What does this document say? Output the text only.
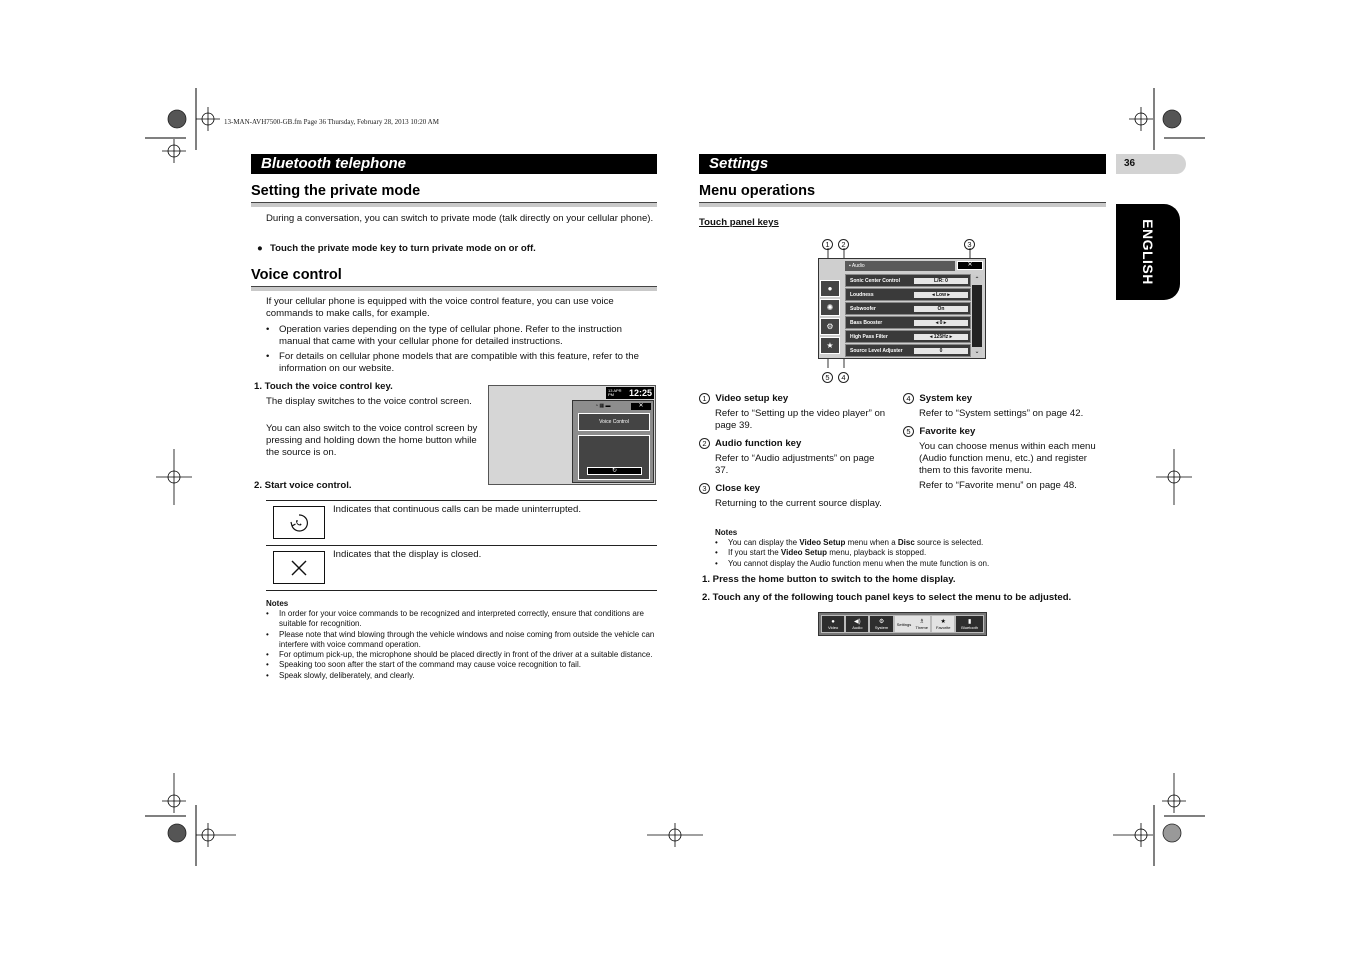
13-MAN-AVH7500-GB.fm Page 36 Thursday, February 28, 2013 10:20 AM
Bluetooth telephone
Setting the private mode
During a conversation, you can switch to private mode (talk directly on your cellular phone).
● Touch the private mode key to turn private mode on or off.
Voice control
If your cellular phone is equipped with the voice control feature, you can use voice commands to make calls, for example.
•	Operation varies depending on the type of cellular phone. Refer to the instruction manual that came with your cellular phone for detailed instructions.
•	For details on cellular phone models that are compatible with this feature, refer to the information on our website.
1. Touch the voice control key.
The display switches to the voice control screen.
You can also switch to the voice control screen by pressing and holding down the home button while the source is on.
13 APR
PM	12:25
✕
◔ ▦ ▬
Voice Control
↻
2. Start voice control.
Indicates that continuous calls can be made uninterrupted.
Indicates that the display is closed.
Notes
•	In order for your voice commands to be recognized and interpreted correctly, ensure that conditions are suitable for recognition.
•	Please note that wind blowing through the vehicle windows and noise coming from outside the vehicle can interfere with voice command operation.
•	For optimum pick-up, the microphone should be placed directly in front of the driver at a suitable distance.
•	Speaking too soon after the start of the command may cause voice recognition to fail.
•	Speak slowly, deliberately, and clearly.
Settings	36
ENGLISH
Menu operations
Touch panel keys
1	2	3
5	4
▪ Audio	✕
●
✺
⚙
★
Sonic Center Control	L/R: 0
Loudness	◂ Low ▸
Subwoofer	On
Bass Booster	◂ 0 ▸
High Pass Filter	◂ 125Hz ▸
Source Level Adjuster	0
⌃
⌄
1 Video setup key
Refer to “Setting up the video player” on page 39.
2 Audio function key
Refer to “Audio adjustments” on page 37.
3 Close key
Returning to the current source display.
4 System key
Refer to “System settings” on page 42.
5 Favorite key
You can choose menus within each menu (Audio function menu, etc.) and register them to this favorite menu.
Refer to “Favorite menu” on page 48.
Notes
•	You can display the Video Setup menu when a Disc source is selected.
•	If you start the Video Setup menu, playback is stopped.
•	You cannot display the Audio function menu when the mute function is on.
1. Press the home button to switch to the home display.
2. Touch any of the following touch panel keys to select the menu to be adjusted.
●
Video
◀)
Audio
⚙
System
Settings ♗
Theme
★
Favorite
▮
Bluetooth
